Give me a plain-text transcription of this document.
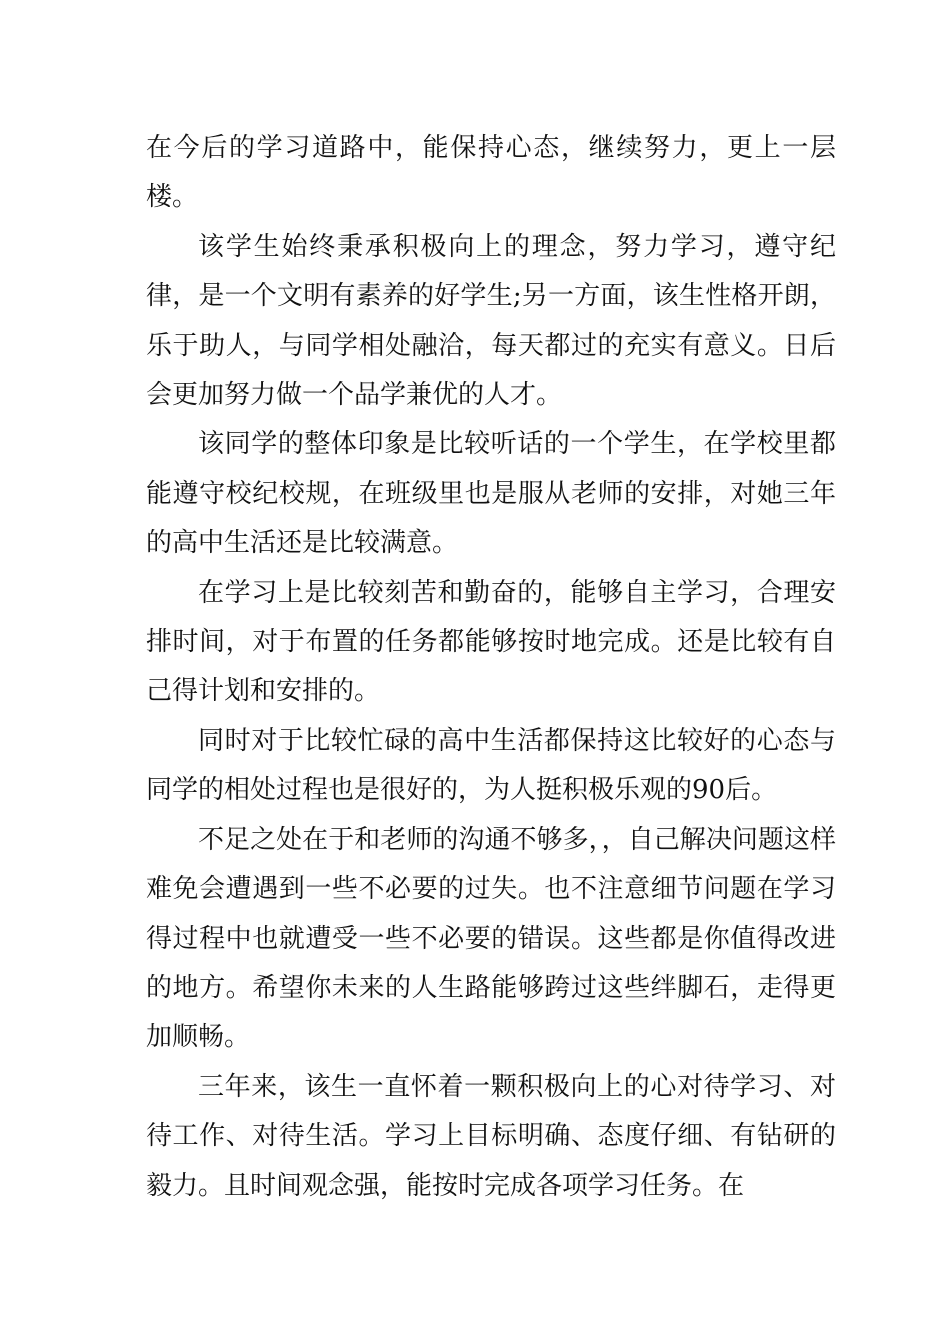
在今后的学习道路中，能保持心态，继续努力，更上一层楼。

该学生始终秉承积极向上的理念，努力学习，遵守纪律，是一个文明有素养的好学生;另一方面，该生性格开朗，乐于助人，与同学相处融洽，每天都过的充实有意义。日后会更加努力做一个品学兼优的人才。

该同学的整体印象是比较听话的一个学生，在学校里都能遵守校纪校规，在班级里也是服从老师的安排，对她三年的高中生活还是比较满意。

在学习上是比较刻苦和勤奋的，能够自主学习，合理安排时间，对于布置的任务都能够按时地完成。还是比较有自己得计划和安排的。

同时对于比较忙碌的高中生活都保持这比较好的心态与同学的相处过程也是很好的，为人挺积极乐观的90后。

不足之处在于和老师的沟通不够多，，自己解决问题这样难免会遭遇到一些不必要的过失。也不注意细节问题在学习得过程中也就遭受一些不必要的错误。这些都是你值得改进的地方。希望你未来的人生路能够跨过这些绊脚石，走得更加顺畅。

三年来，该生一直怀着一颗积极向上的心对待学习、对待工作、对待生活。学习上目标明确、态度仔细、有钻研的毅力。且时间观念强，能按时完成各项学习任务。在
